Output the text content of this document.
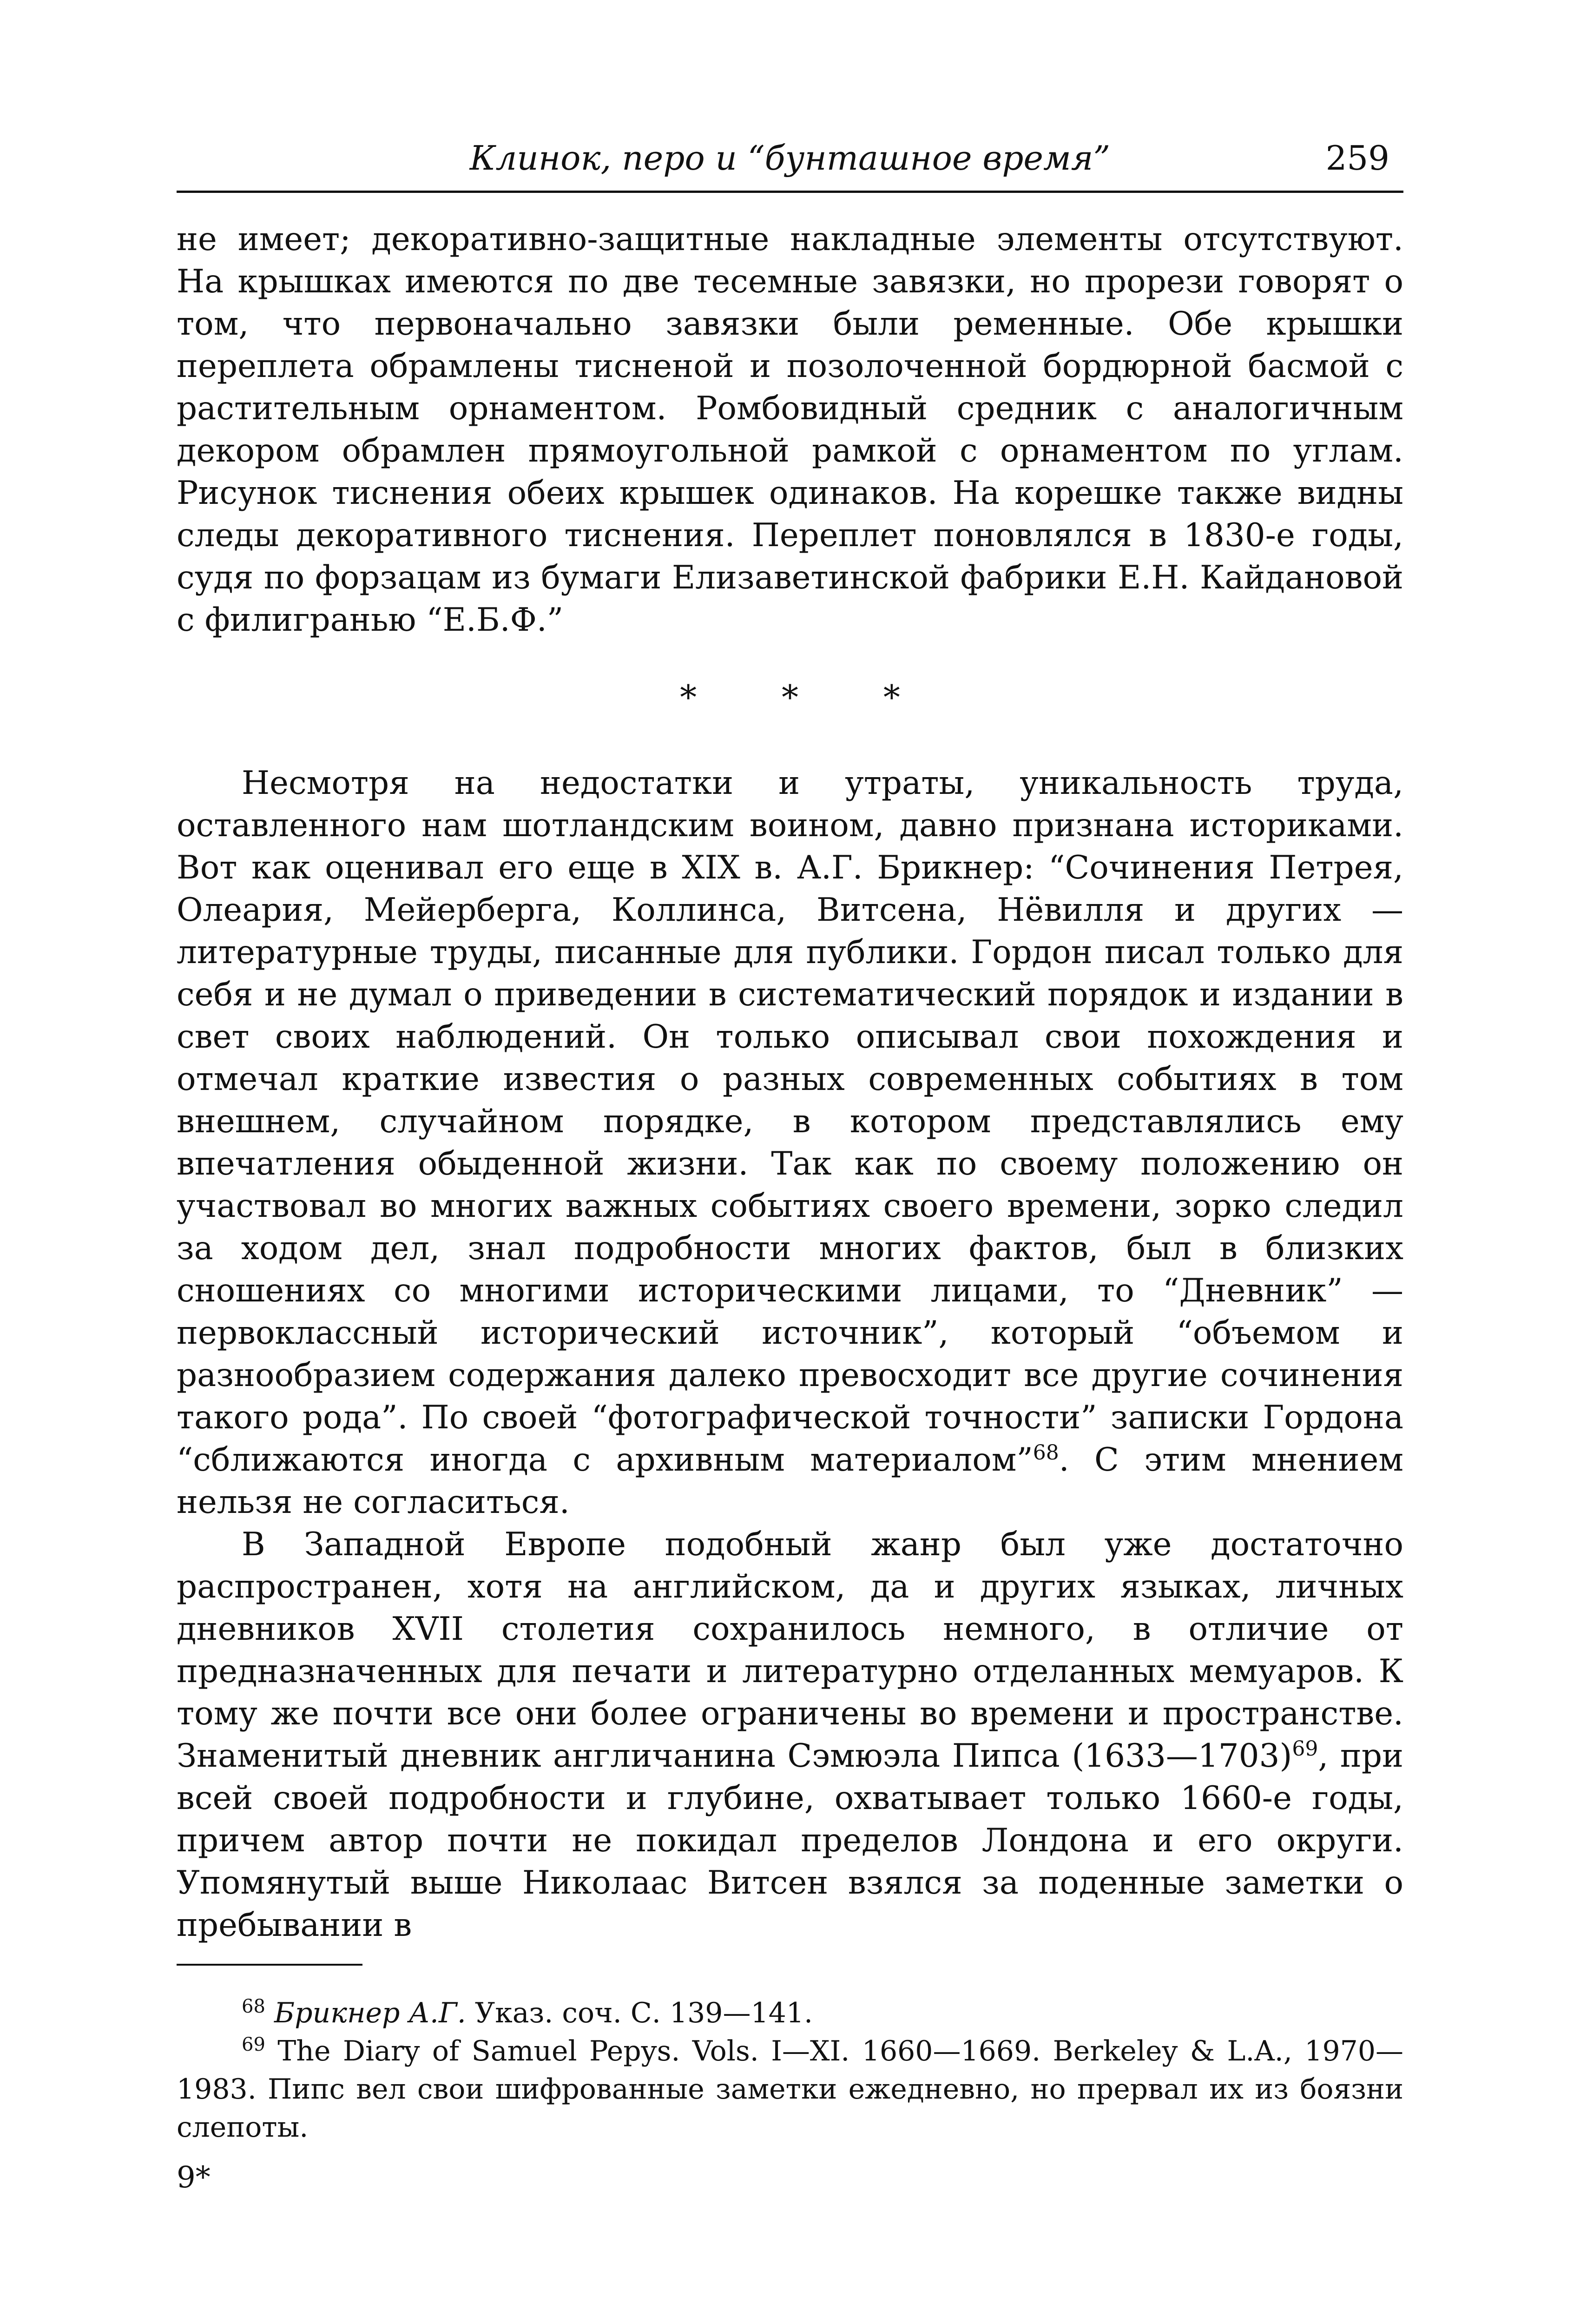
Клинок, перо и “бунташное время”	259

не имеет; декоративно-защитные накладные элементы отсутствуют. На крышках имеются по две тесемные завязки, но прорези говорят о том, что первоначально завязки были ременные. Обе крышки переплета обрамлены тисненой и позолоченной бордюрной басмой с растительным орнаментом. Ромбовидный средник с аналогичным декором обрамлен прямоугольной рамкой с орнаментом по углам. Рисунок тиснения обеих крышек одинаков. На корешке также видны следы декоративного тиснения. Переплет поновлялся в 1830-е годы, судя по форзацам из бумаги Елизаветинской фабрики Е.Н. Кайдановой с филигранью “Е.Б.Ф.”

* * *

Несмотря на недостатки и утраты, уникальность труда, оставленного нам шотландским воином, давно признана историками. Вот как оценивал его еще в XIX в. А.Г. Брикнер: “Сочинения Петрея, Олеария, Мейерберга, Коллинса, Витсена, Нёвилля и других — литературные труды, писанные для публики. Гордон писал только для себя и не думал о приведении в систематический порядок и издании в свет своих наблюдений. Он только описывал свои похождения и отмечал краткие известия о разных современных событиях в том внешнем, случайном порядке, в котором представлялись ему впечатления обыденной жизни. Так как по своему положению он участвовал во многих важных событиях своего времени, зорко следил за ходом дел, знал подробности многих фактов, был в близких сношениях со многими историческими лицами, то “Дневник” — первоклассный исторический источник”, который “объемом и разнообразием содержания далеко превосходит все другие сочинения такого рода”. По своей “фотографической точности” записки Гордона “сближаются иногда с архивным материалом”$^{68}$. С этим мнением нельзя не согласиться.

В Западной Европе подобный жанр был уже достаточно распространен, хотя на английском, да и других языках, личных дневников XVII столетия сохранилось немного, в отличие от предназначенных для печати и литературно отделанных мемуаров. К тому же почти все они более ограничены во времени и пространстве. Знаменитый дневник англичанина Сэмюэла Пипса (1633—1703)$^{69}$, при всей своей подробности и глубине, охватывает только 1660-е годы, причем автор почти не покидал пределов Лондона и его округи. Упомянутый выше Николаас Витсен взялся за поденные заметки о пребывании в

$^{68}$ Брикнер А.Г. Указ. соч. С. 139—141.

$^{69}$ The Diary of Samuel Pepys. Vols. I—XI. 1660—1669. Berkeley & L.A., 1970—1983. Пипс вел свои шифрованные заметки ежедневно, но прервал их из боязни слепоты.

9*
